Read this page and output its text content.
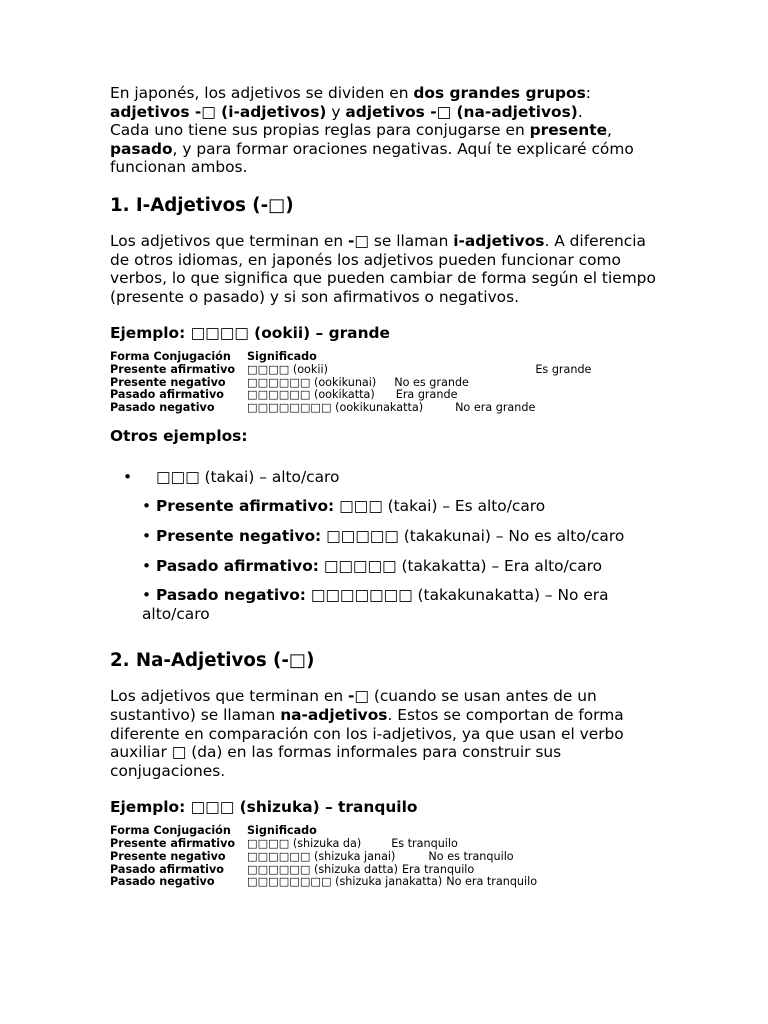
En japonés, los adjetivos se dividen en dos grandes grupos:
adjetivos -□ (i-adjetivos) y adjetivos -□ (na-adjetivos).
Cada uno tiene sus propias reglas para conjugarse en presente,
pasado, y para formar oraciones negativas. Aquí te explicaré cómo funcionan ambos.

1. I-Adjetivos (-□)

Los adjetivos que terminan en -□ se llaman i-adjetivos. A diferencia de otros idiomas, en japonés los adjetivos pueden funcionar como verbos, lo que significa que pueden cambiar de forma según el tiempo (presente o pasado) y si son afirmativos o negativos.

Ejemplo: □□□□ (ookii) – grande
Forma Conjugación	Significado	
Presente afirmativo	□□□□ (ookii)	Es grande
Presente negativo	□□□□□□ (ookikunai) No es grande	
Pasado afirmativo	□□□□□□ (ookikatta) Era grande	
Pasado negativo	□□□□□□□□ (ookikunakatta) No era grande	
Otros ejemplos:
• □□□ (takai) – alto/caro
• Presente afirmativo: □□□ (takai) – Es alto/caro
• Presente negativo: □□□□□ (takakunai) – No es alto/caro
• Pasado afirmativo: □□□□□ (takakatta) – Era alto/caro
• Pasado negativo: □□□□□□□ (takakunakatta) – No era
alto/caro
2. Na-Adjetivos (-□)

Los adjetivos que terminan en -□ (cuando se usan antes de un sustantivo) se llaman na-adjetivos. Estos se comportan de forma diferente en comparación con los i-adjetivos, ya que usan el verbo auxiliar □ (da) en las formas informales para construir sus conjugaciones.

Ejemplo: □□□ (shizuka) – tranquilo
Forma Conjugación	Significado
Presente afirmativo	□□□□ (shizuka da) Es tranquilo
Presente negativo	□□□□□□ (shizuka janai) No es tranquilo
Pasado afirmativo	□□□□□□ (shizuka datta) Era tranquilo
Pasado negativo	□□□□□□□□ (shizuka janakatta) No era tranquilo
